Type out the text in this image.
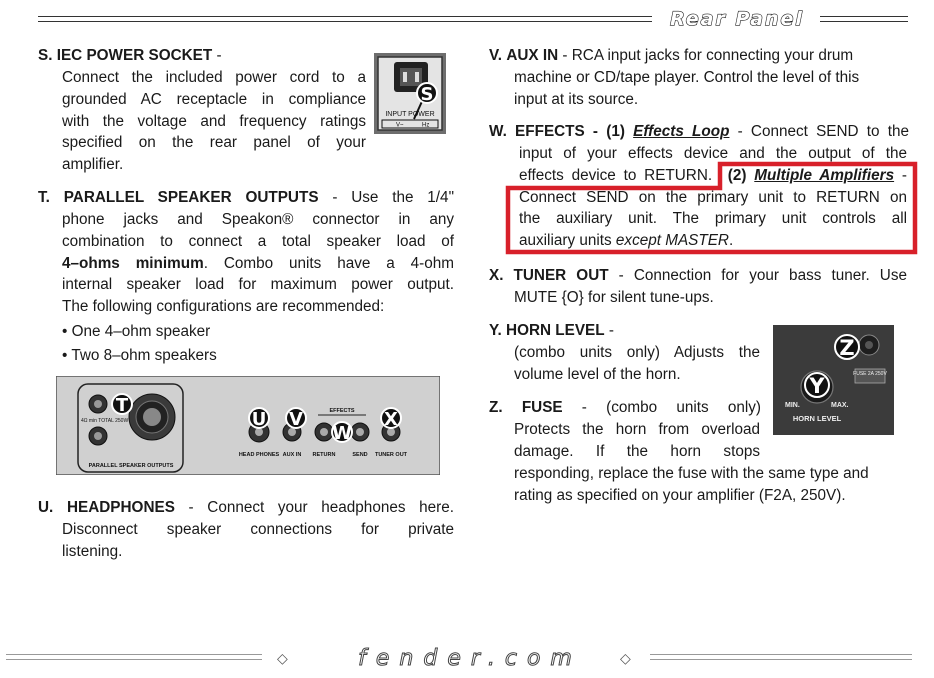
Rear Panel
S. IEC POWER SOCKET -
Connect the included power cord to a
grounded AC receptacle in compliance
with the voltage and frequency ratings
specified on the rear panel of your
amplifier.
INPUT POWER
V~	Hz
S
T. PARALLEL SPEAKER OUTPUTS - Use the 1/4"
phone jacks and Speakon® connector in any
combination to connect a total speaker load of
4–ohms minimum. Combo units have a 4-ohm
internal speaker load for maximum power output.
The following configurations are recommended:
• One 4–ohm speaker
• Two 8–ohm speakers
4Ω min TOTAL 250W
PARALLEL SPEAKER OUTPUTS
T
U V	EFFECTS
W
X
HEAD PHONES AUX IN RETURN	SEND TUNER OUT
U. HEADPHONES - Connect your headphones here.
Disconnect speaker connections for private
listening.
V. AUX IN - RCA input jacks for connecting your drum
machine or CD/tape player. Control the level of this
input at its source.
W. EFFECTS - (1) Effects Loop - Connect SEND to the
input of your effects device and the output of the
effects device to RETURN. (2) Multiple Amplifiers -
Connect SEND on the primary unit to RETURN on
the auxiliary unit. The primary unit controls all
auxiliary units except MASTER.
X. TUNER OUT - Connection for your bass tuner. Use
MUTE {O} for silent tune-ups.
Y. HORN LEVEL -
(combo units only) Adjusts the
volume level of the horn.	FUSE 2A 250V
MIN.	MAX.
HORN LEVEL
Z
Y
Z. FUSE - (combo units only)
Protects the horn from overload
damage. If the horn stops
responding, replace the fuse with the same type and
rating as specified on your amplifier (F2A, 250V).
◇	fender.com	◇
